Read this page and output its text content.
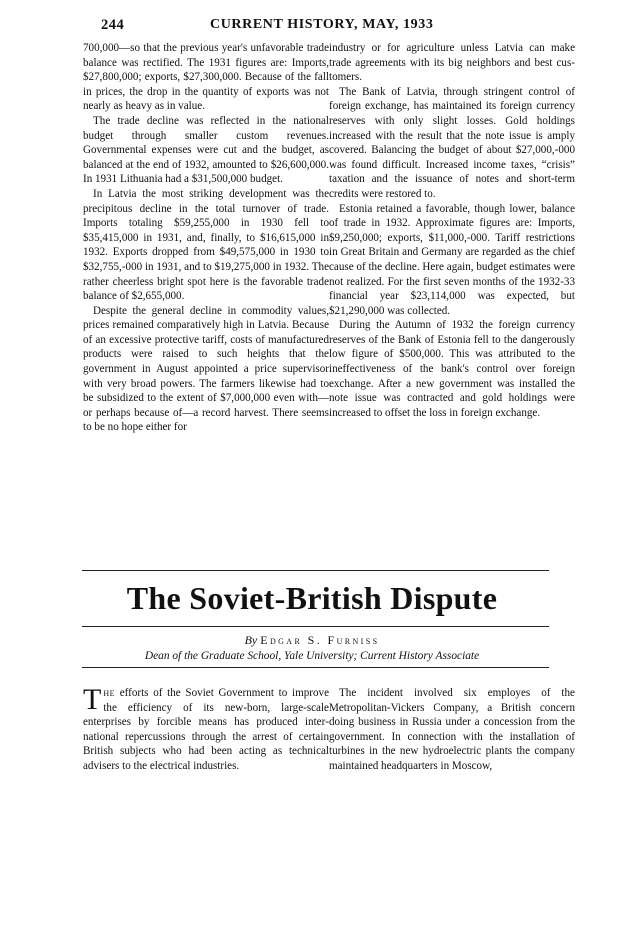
244	CURRENT HISTORY, MAY, 1933

700,000—so that the previous year's unfavorable trade balance was rectified. The 1931 figures are: Imports, $27,800,000; exports, $27,300,000. Because of the fall in prices, the drop in the quantity of exports was not nearly as heavy as in value.

The trade decline was reflected in the national budget through smaller custom revenues. Governmental expenses were cut and the budget, as balanced at the end of 1932, amounted to $26,600,000. In 1931 Lithuania had a $31,500,000 budget.

In Latvia the most striking development was the precipitous decline in the total turnover of trade. Imports totaling $59,255,000 in 1930 fell to $35,415,000 in 1931, and, finally, to $16,615,000 in 1932. Exports dropped from $49,575,000 in 1930 to $32,755,-000 in 1931, and to $19,275,000 in 1932. The rather cheerless bright spot here is the favorable trade balance of $2,655,000.

Despite the general decline in commodity values, prices remained comparatively high in Latvia. Because of an excessive protective tariff, costs of manufactured products were raised to such heights that the government in August appointed a price supervisor with very broad powers. The farmers likewise had to be subsidized to the extent of $7,000,000 even with—or perhaps because of—a record harvest. There seems to be no hope either for

industry or for agriculture unless Latvia can make trade agreements with its big neighbors and best customers.

The Bank of Latvia, through stringent control of foreign exchange, has maintained its foreign currency reserves with only slight losses. Gold holdings increased with the result that the note issue is amply covered. Balancing the budget of about $27,000,-000 was found difficult. Increased income taxes, “crisis” taxation and the issuance of notes and short-term credits were restored to.

Estonia retained a favorable, though lower, balance of trade in 1932. Approximate figures are: Imports, $9,250,000; exports, $11,000,-000. Tariff restrictions in Great Britain and Germany are regarded as the chief cause of the decline. Here again, budget estimates were not realized. For the first seven months of the 1932-33 financial year $23,114,000 was expected, but $21,290,000 was collected.

During the Autumn of 1932 the foreign currency reserves of the Bank of Estonia fell to the dangerously low figure of $500,000. This was attributed to the ineffectiveness of the bank's control over foreign exchange. After a new government was installed the note issue was contracted and gold holdings were increased to offset the loss in foreign exchange.

The Soviet-British Dispute
By Edgar S. Furniss
Dean of the Graduate School, Yale University; Current History Associate

The efforts of the Soviet Government to improve the efficiency of its new-born, large-scale enterprises by forcible means has produced international repercussions through the arrest of certain British subjects who had been acting as technical advisers to the electrical industries.

The incident involved six employes of the Metropolitan-Vickers Company, a British concern doing business in Russia under a concession from the government. In connection with the installation of turbines in the new hydroelectric plants the company maintained headquarters in Moscow,
